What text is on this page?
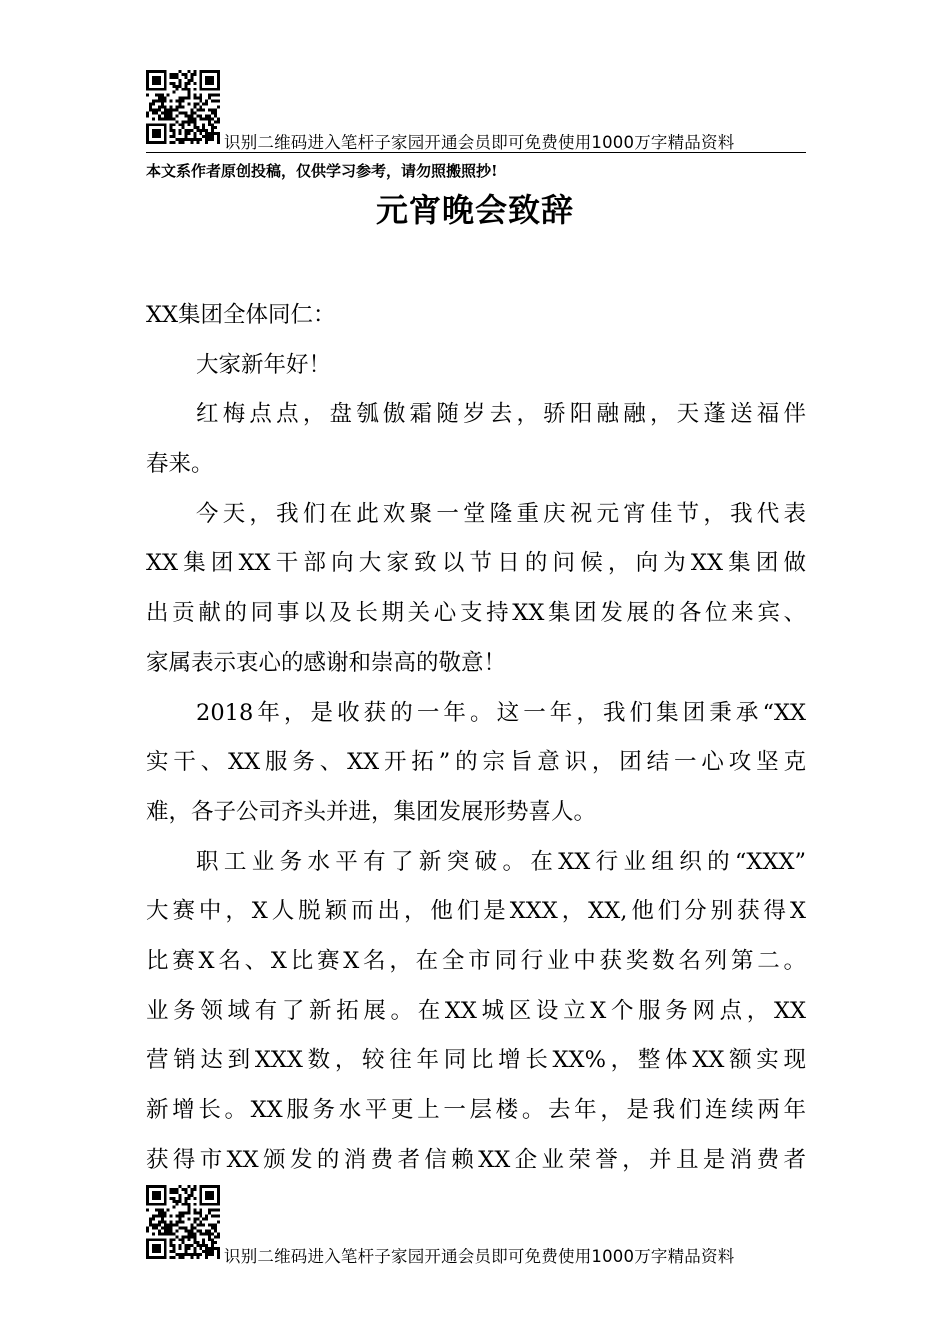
识别二维码进入笔杆子家园开通会员即可免费使用1000万字精品资料
本文系作者原创投稿，仅供学习参考，请勿照搬照抄!
元宵晚会致辞
XX集团全体同仁：
大家新年好！
红梅点点，盘瓠傲霜随岁去，骄阳融融，天蓬送福伴
春来。
今天，我们在此欢聚一堂隆重庆祝元宵佳节，我代表
XX集团XX干部向大家致以节日的问候，向为XX集团做
出贡献的同事以及长期关心支持XX集团发展的各位来宾、
家属表示衷心的感谢和崇高的敬意！
2018年，是收获的一年。这一年，我们集团秉承“XX
实干、XX服务、XX开拓”的宗旨意识，团结一心攻坚克
难，各子公司齐头并进，集团发展形势喜人。
职工业务水平有了新突破。在XX行业组织的“XXX”
大赛中，X人脱颖而出，他们是XXX，XX,他们分别获得X
比赛X名、X比赛X名，在全市同行业中获奖数名列第二。
业务领域有了新拓展。在XX城区设立X个服务网点，XX
营销达到XXX数，较往年同比增长XX%，整体XX额实现
新增长。XX服务水平更上一层楼。去年，是我们连续两年
获得市XX颁发的消费者信赖XX企业荣誉，并且是消费者
识别二维码进入笔杆子家园开通会员即可免费使用1000万字精品资料
